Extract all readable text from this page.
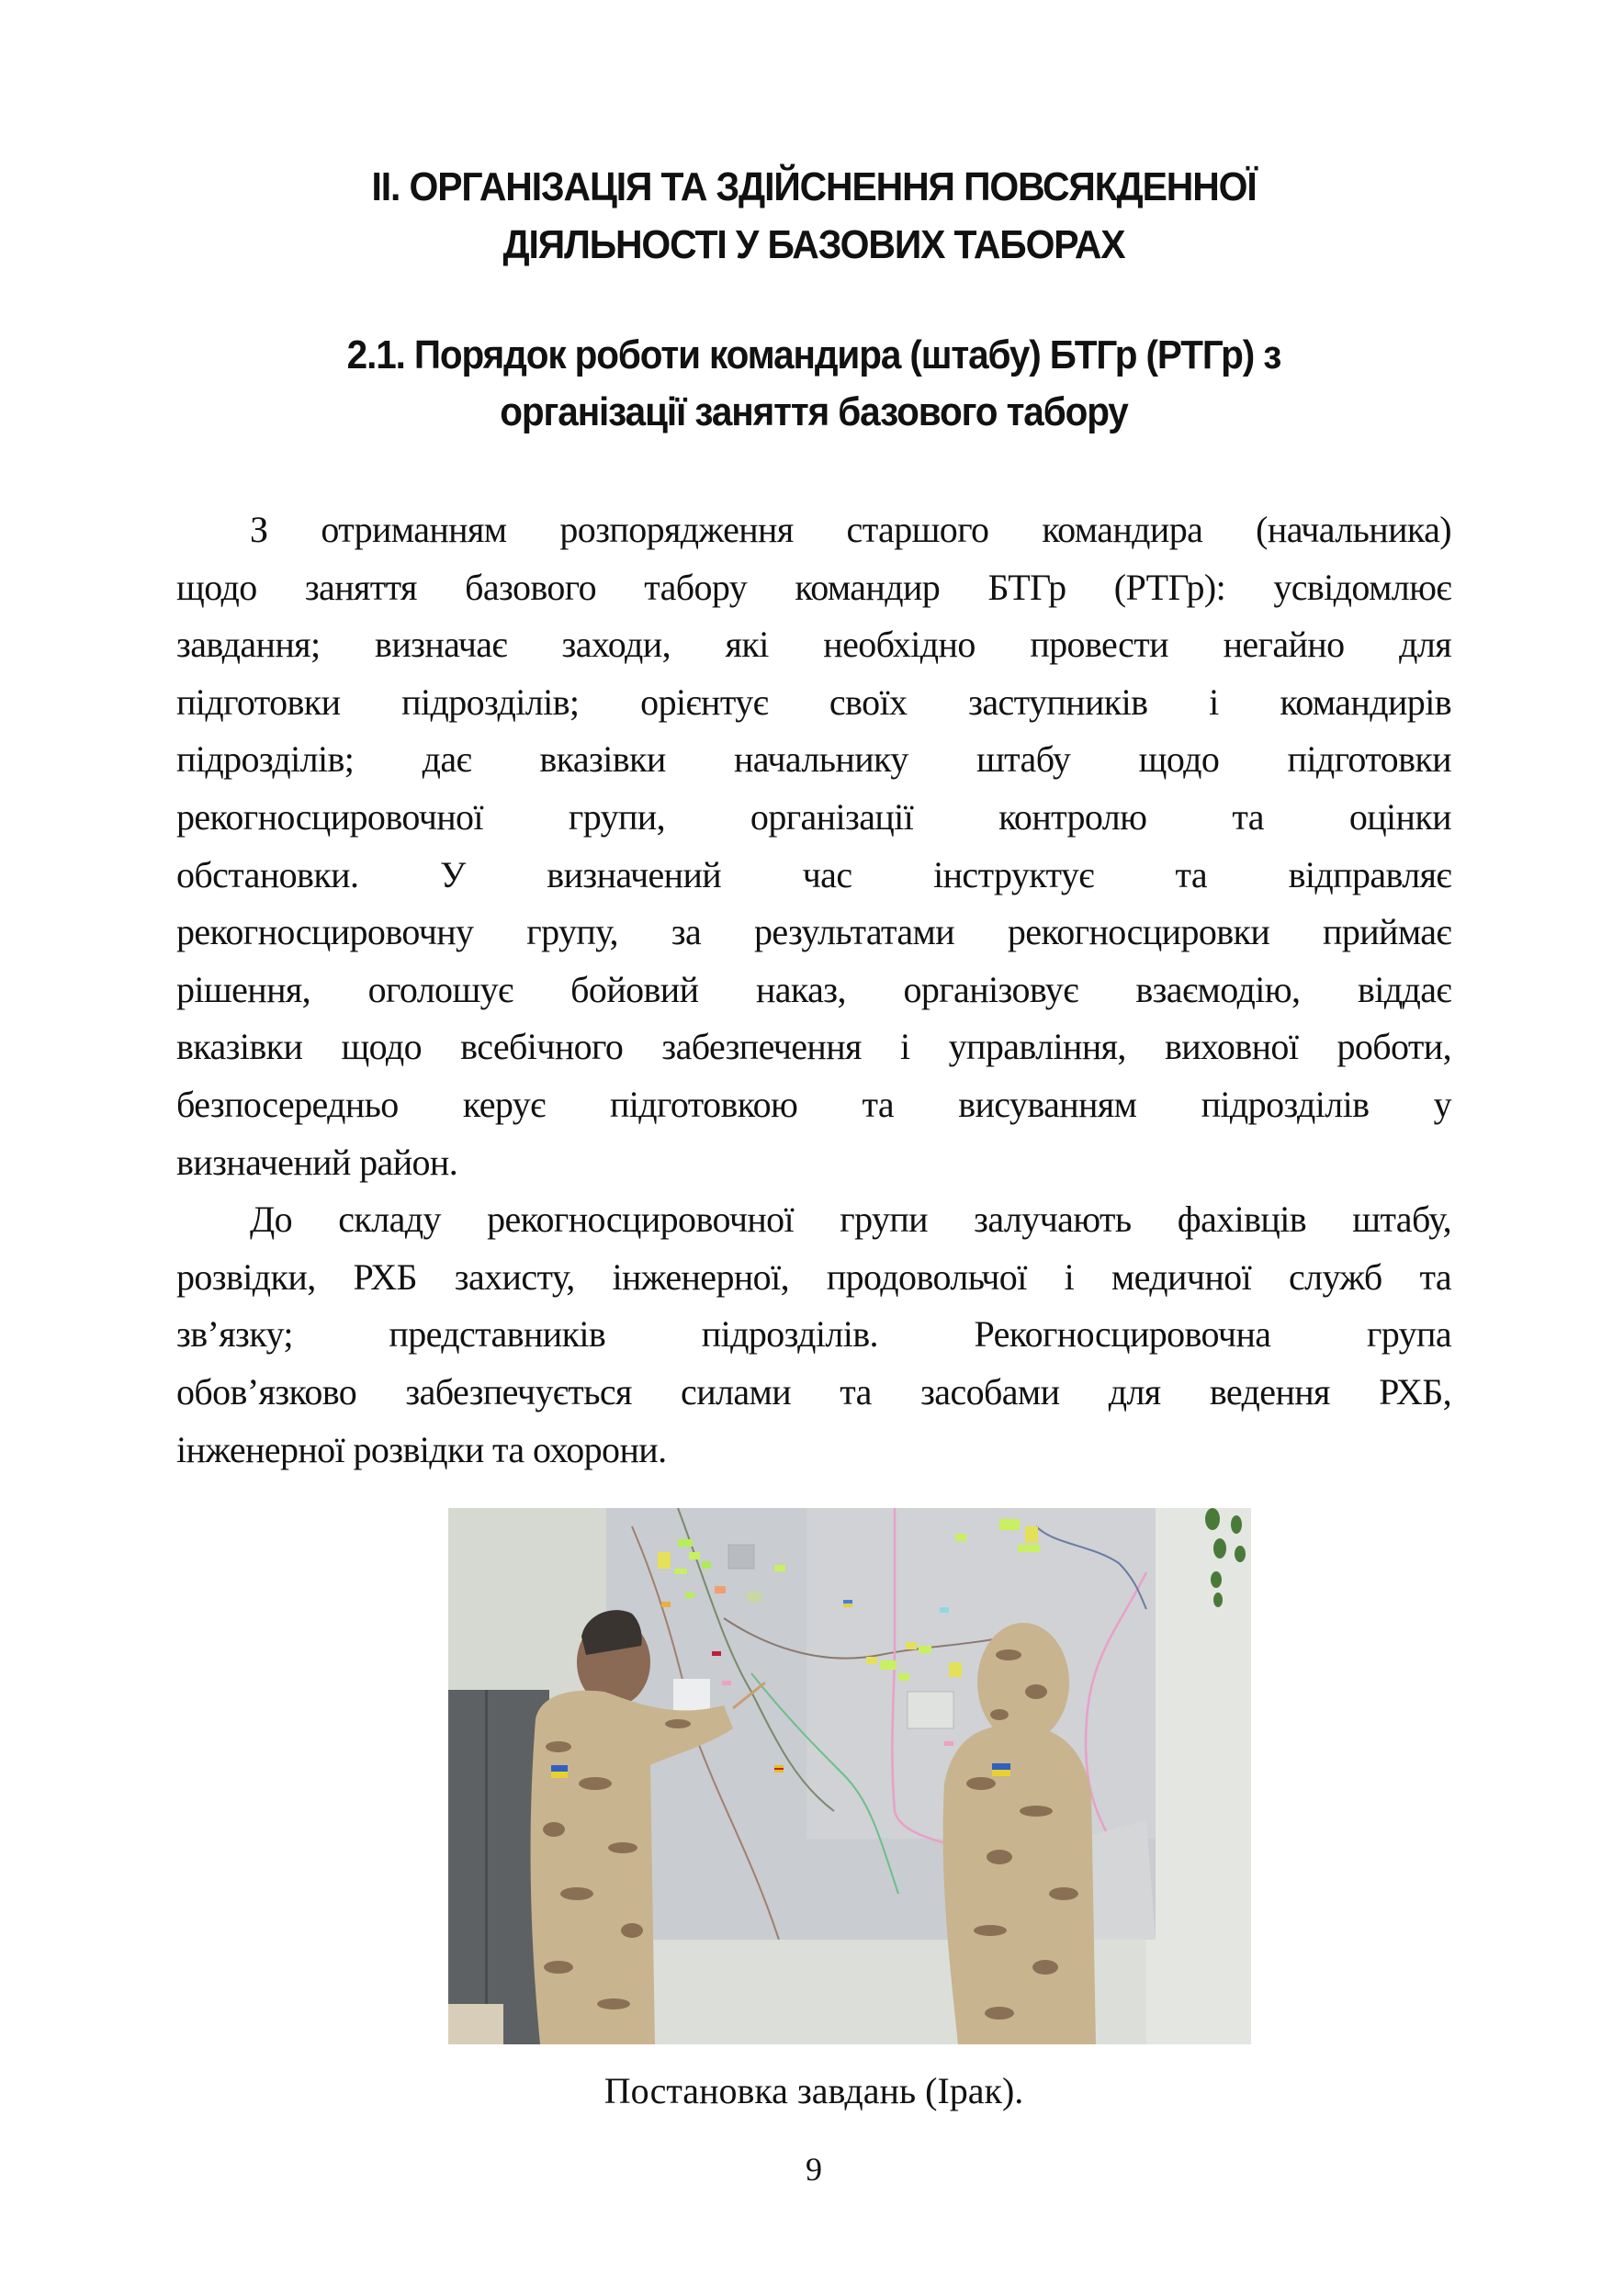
II. ОРГАНІЗАЦІЯ ТА ЗДІЙСНЕННЯ ПОВСЯКДЕННОЇ
ДІЯЛЬНОСТІ У БАЗОВИХ ТАБОРАХ
2.1. Порядок роботи командира (штабу) БТГр (РТГр) з
організації заняття базового табору

З отриманням розпорядження старшого командира (начальника)
щодо заняття базового табору командир БТГр (РТГр): усвідомлює
завдання; визначає заходи, які необхідно провести негайно для
підготовки підрозділів; орієнтує своїх заступників і командирів
підрозділів; дає вказівки начальнику штабу щодо підготовки
рекогносцировочної групи, організації контролю та оцінки
обстановки. У визначений час інструктує та відправляє
рекогносцировочну групу, за результатами рекогносцировки приймає
рішення, оголошує бойовий наказ, організовує взаємодію, віддає
вказівки щодо всебічного забезпечення і управління, виховної роботи,
безпосередньо керує підготовкою та висуванням підрозділів у
визначений район.

До складу рекогносцировочної групи залучають фахівців штабу,
розвідки, РХБ захисту, інженерної, продовольчої і медичної служб та
зв’язку; представників підрозділів. Рекогносцировочна група
обов’язково забезпечується силами та засобами для ведення РХБ,
інженерної розвідки та охорони.

Постановка завдань (Ірак).
9
